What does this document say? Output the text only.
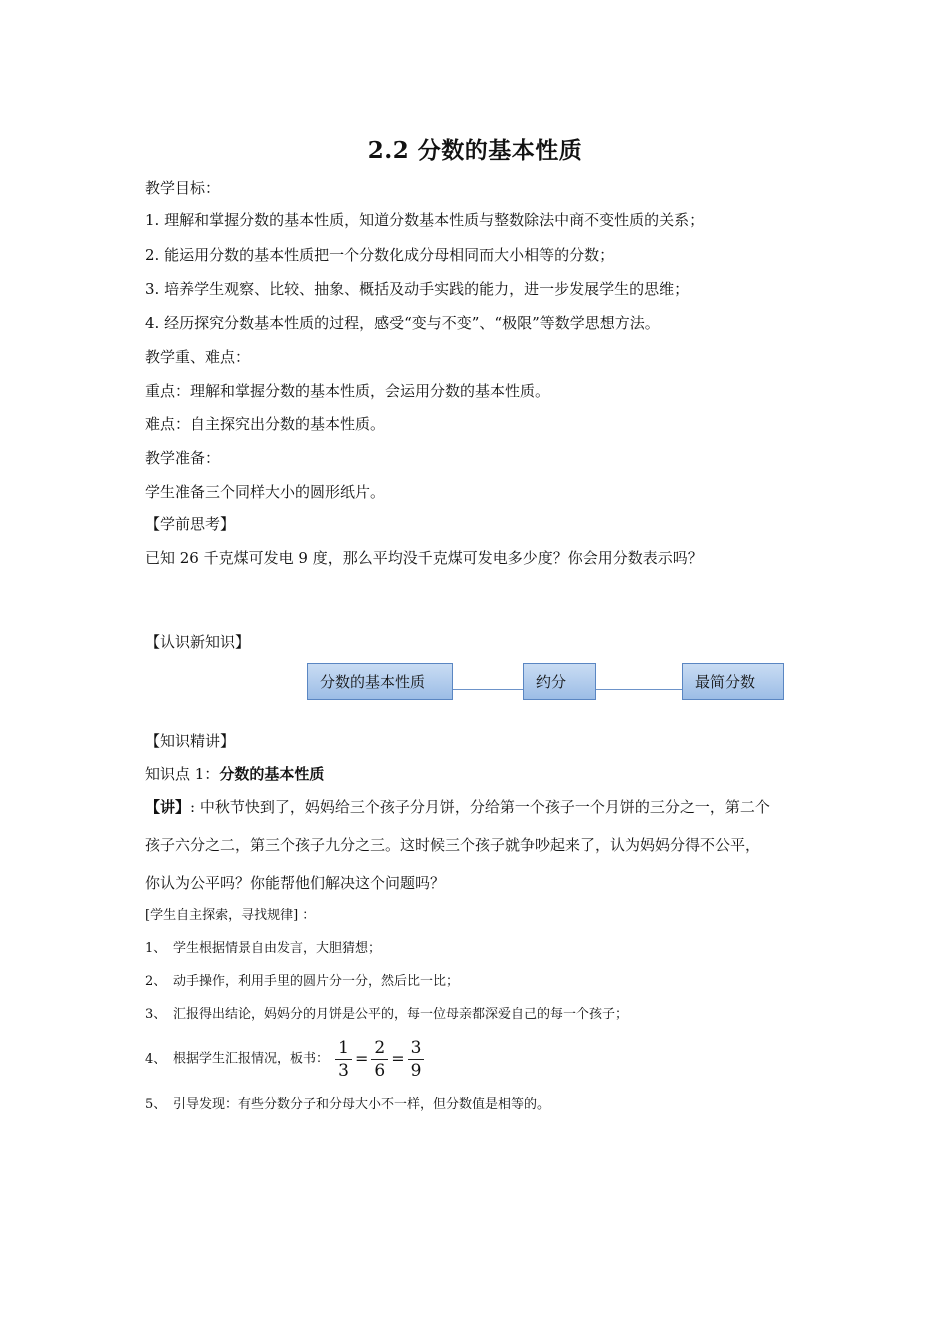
2.2 分数的基本性质
教学目标：
1. 理解和掌握分数的基本性质，知道分数基本性质与整数除法中商不变性质的关系；
2. 能运用分数的基本性质把一个分数化成分母相同而大小相等的分数；
3. 培养学生观察、比较、抽象、概括及动手实践的能力，进一步发展学生的思维；
4. 经历探究分数基本性质的过程，感受“变与不变”、“极限”等数学思想方法。
教学重、难点：
重点：理解和掌握分数的基本性质，会运用分数的基本性质。
难点：自主探究出分数的基本性质。
教学准备：
学生准备三个同样大小的圆形纸片。
【学前思考】
已知 26 千克煤可发电 9 度，那么平均没千克煤可发电多少度？你会用分数表示吗？
【认识新知识】
分数的基本性质	约分	最简分数
【知识精讲】
知识点 1：分数的基本性质
【讲】: 中秋节快到了，妈妈给三个孩子分月饼，分给第一个孩子一个月饼的三分之一，第二个
孩子六分之二，第三个孩子九分之三。这时候三个孩子就争吵起来了，认为妈妈分得不公平，
你认为公平吗？你能帮他们解决这个问题吗？
[学生自主探索，寻找规律] ：
1、 学生根据情景自由发言，大胆猜想；
2、 动手操作，利用手里的圆片分一分，然后比一比；
3、 汇报得出结论，妈妈分的月饼是公平的，每一位母亲都深爱自己的每一个孩子；
4、 根据学生汇报情况，板书： $\frac{1}{3} = \frac{2}{6} = \frac{3}{9}$
5、 引导发现：有些分数分子和分母大小不一样，但分数值是相等的。
